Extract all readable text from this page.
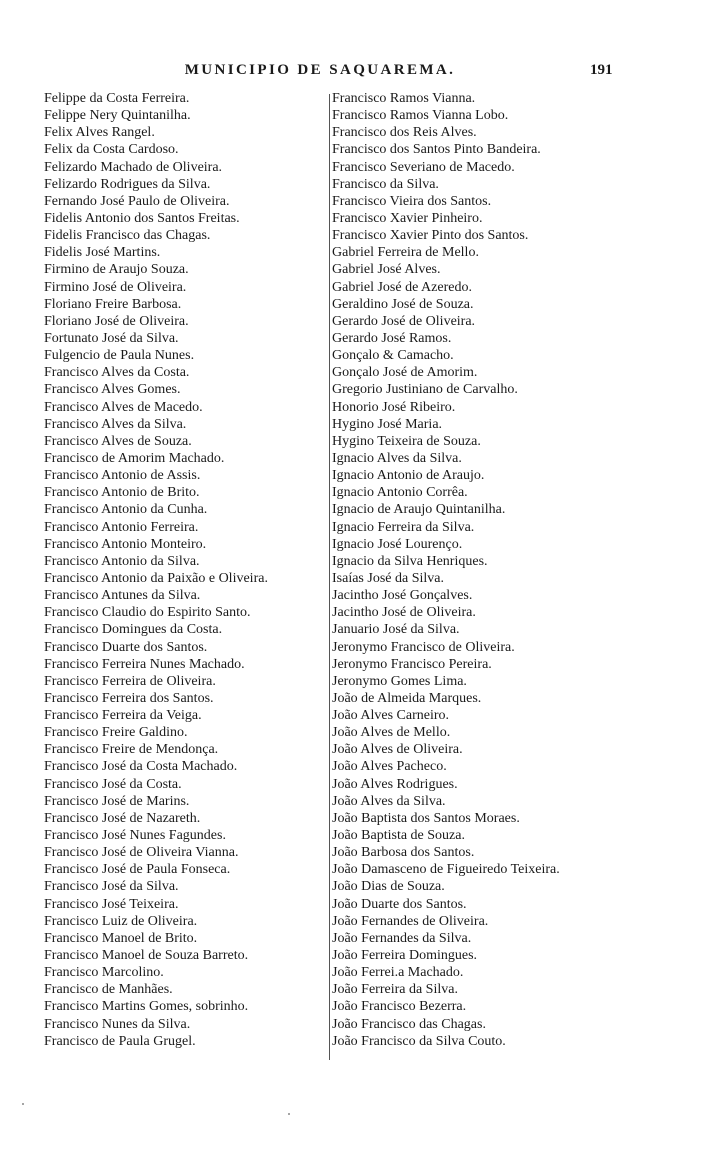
MUNICIPIO DE SAQUAREMA.	191
Felippe da Costa Ferreira.
Felippe Nery Quintanilha.
Felix Alves Rangel.
Felix da Costa Cardoso.
Felizardo Machado de Oliveira.
Felizardo Rodrigues da Silva.
Fernando José Paulo de Oliveira.
Fidelis Antonio dos Santos Freitas.
Fidelis Francisco das Chagas.
Fidelis José Martins.
Firmino de Araujo Souza.
Firmino José de Oliveira.
Floriano Freire Barbosa.
Floriano José de Oliveira.
Fortunato José da Silva.
Fulgencio de Paula Nunes.
Francisco Alves da Costa.
Francisco Alves Gomes.
Francisco Alves de Macedo.
Francisco Alves da Silva.
Francisco Alves de Souza.
Francisco de Amorim Machado.
Francisco Antonio de Assis.
Francisco Antonio de Brito.
Francisco Antonio da Cunha.
Francisco Antonio Ferreira.
Francisco Antonio Monteiro.
Francisco Antonio da Silva.
Francisco Antonio da Paixão e Oliveira.
Francisco Antunes da Silva.
Francisco Claudio do Espirito Santo.
Francisco Domingues da Costa.
Francisco Duarte dos Santos.
Francisco Ferreira Nunes Machado.
Francisco Ferreira de Oliveira.
Francisco Ferreira dos Santos.
Francisco Ferreira da Veiga.
Francisco Freire Galdino.
Francisco Freire de Mendonça.
Francisco José da Costa Machado.
Francisco José da Costa.
Francisco José de Marins.
Francisco José de Nazareth.
Francisco José Nunes Fagundes.
Francisco José de Oliveira Vianna.
Francisco José de Paula Fonseca.
Francisco José da Silva.
Francisco José Teixeira.
Francisco Luiz de Oliveira.
Francisco Manoel de Brito.
Francisco Manoel de Souza Barreto.
Francisco Marcolino.
Francisco de Manhães.
Francisco Martins Gomes, sobrinho.
Francisco Nunes da Silva.
Francisco de Paula Grugel.
Francisco Ramos Vianna.
Francisco Ramos Vianna Lobo.
Francisco dos Reis Alves.
Francisco dos Santos Pinto Bandeira.
Francisco Severiano de Macedo.
Francisco da Silva.
Francisco Vieira dos Santos.
Francisco Xavier Pinheiro.
Francisco Xavier Pinto dos Santos.
Gabriel Ferreira de Mello.
Gabriel José Alves.
Gabriel José de Azeredo.
Geraldino José de Souza.
Gerardo José de Oliveira.
Gerardo José Ramos.
Gonçalo & Camacho.
Gonçalo José de Amorim.
Gregorio Justiniano de Carvalho.
Honorio José Ribeiro.
Hygino José Maria.
Hygino Teixeira de Souza.
Ignacio Alves da Silva.
Ignacio Antonio de Araujo.
Ignacio Antonio Corrêa.
Ignacio de Araujo Quintanilha.
Ignacio Ferreira da Silva.
Ignacio José Lourenço.
Ignacio da Silva Henriques.
Isaías José da Silva.
Jacintho José Gonçalves.
Jacintho José de Oliveira.
Januario José da Silva.
Jeronymo Francisco de Oliveira.
Jeronymo Francisco Pereira.
Jeronymo Gomes Lima.
João de Almeida Marques.
João Alves Carneiro.
João Alves de Mello.
João Alves de Oliveira.
João Alves Pacheco.
João Alves Rodrigues.
João Alves da Silva.
João Baptista dos Santos Moraes.
João Baptista de Souza.
João Barbosa dos Santos.
João Damasceno de Figueiredo Teixeira.
João Dias de Souza.
João Duarte dos Santos.
João Fernandes de Oliveira.
João Fernandes da Silva.
João Ferreira Domingues.
João Ferrei.a Machado.
João Ferreira da Silva.
João Francisco Bezerra.
João Francisco das Chagas.
João Francisco da Silva Couto.
